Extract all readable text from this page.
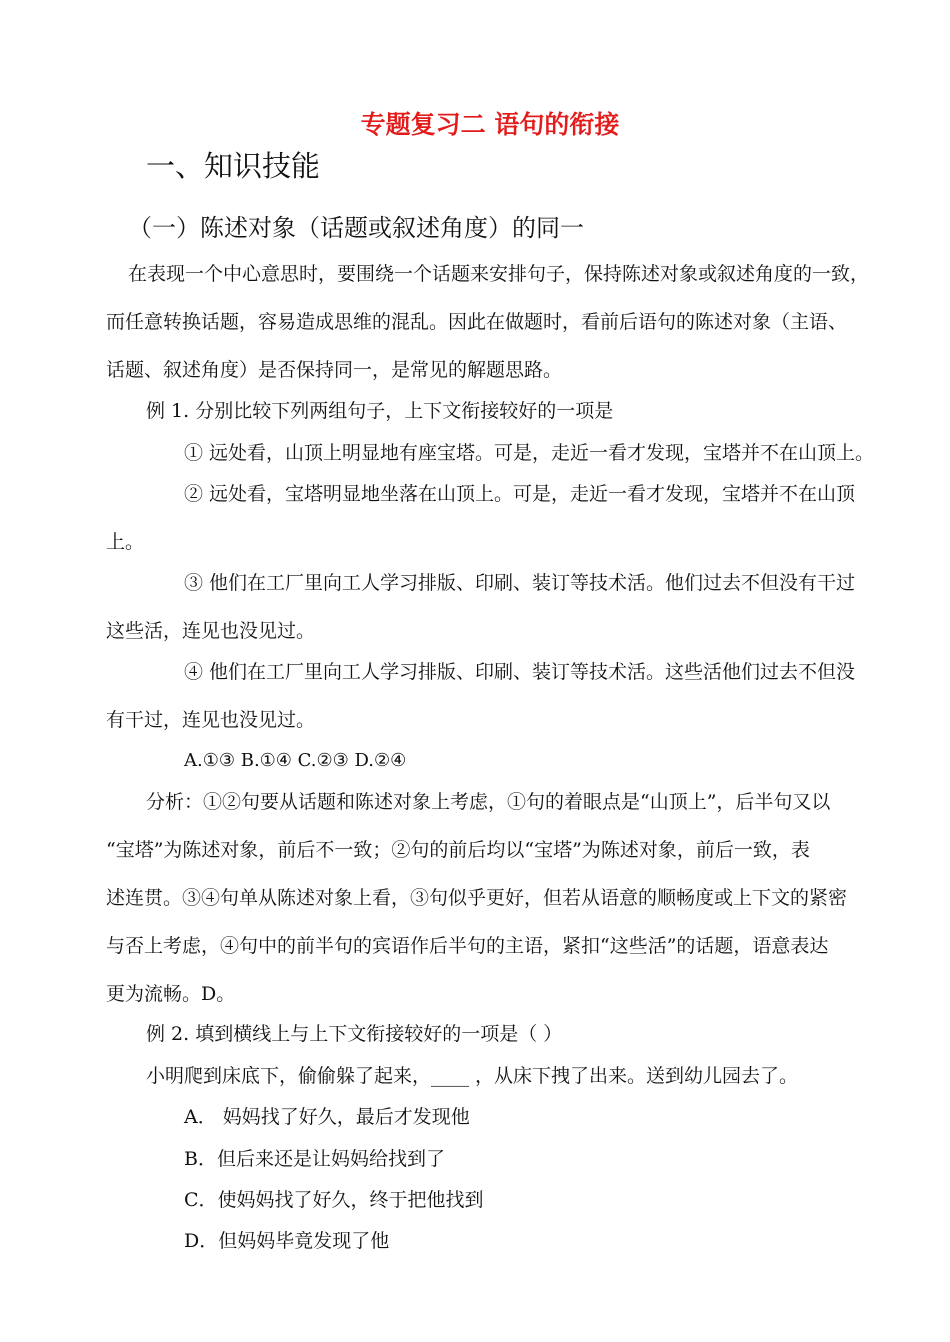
专题复习二 语句的衔接
一、知识技能
（一）陈述对象（话题或叙述角度）的同一
在表现一个中心意思时，要围绕一个话题来安排句子，保持陈述对象或叙述角度的一致，
而任意转换话题，容易造成思维的混乱。因此在做题时，看前后语句的陈述对象（主语、
话题、叙述角度）是否保持同一，是常见的解题思路。
例 1. 分别比较下列两组句子，上下文衔接较好的一项是
① 远处看，山顶上明显地有座宝塔。可是，走近一看才发现，宝塔并不在山顶上。
② 远处看，宝塔明显地坐落在山顶上。可是，走近一看才发现，宝塔并不在山顶
上。
③ 他们在工厂里向工人学习排版、印刷、装订等技术活。他们过去不但没有干过
这些活，连见也没见过。
④ 他们在工厂里向工人学习排版、印刷、装订等技术活。这些活他们过去不但没
有干过，连见也没见过。
A.①③ B.①④ C.②③ D.②④
分析：①②句要从话题和陈述对象上考虑，①句的着眼点是“山顶上”，后半句又以
“宝塔”为陈述对象，前后不一致；②句的前后均以“宝塔”为陈述对象，前后一致，表
述连贯。③④句单从陈述对象上看，③句似乎更好，但若从语意的顺畅度或上下文的紧密
与否上考虑，④句中的前半句的宾语作后半句的主语，紧扣“这些活”的话题，语意表达
更为流畅。D。
例 2. 填到横线上与上下文衔接较好的一项是（ ）
小明爬到床底下，偷偷躲了起来，____ ，从床下拽了出来。送到幼儿园去了。
A． 妈妈找了好久，最后才发现他
B．但后来还是让妈妈给找到了
C．使妈妈找了好久，终于把他找到
D．但妈妈毕竟发现了他
